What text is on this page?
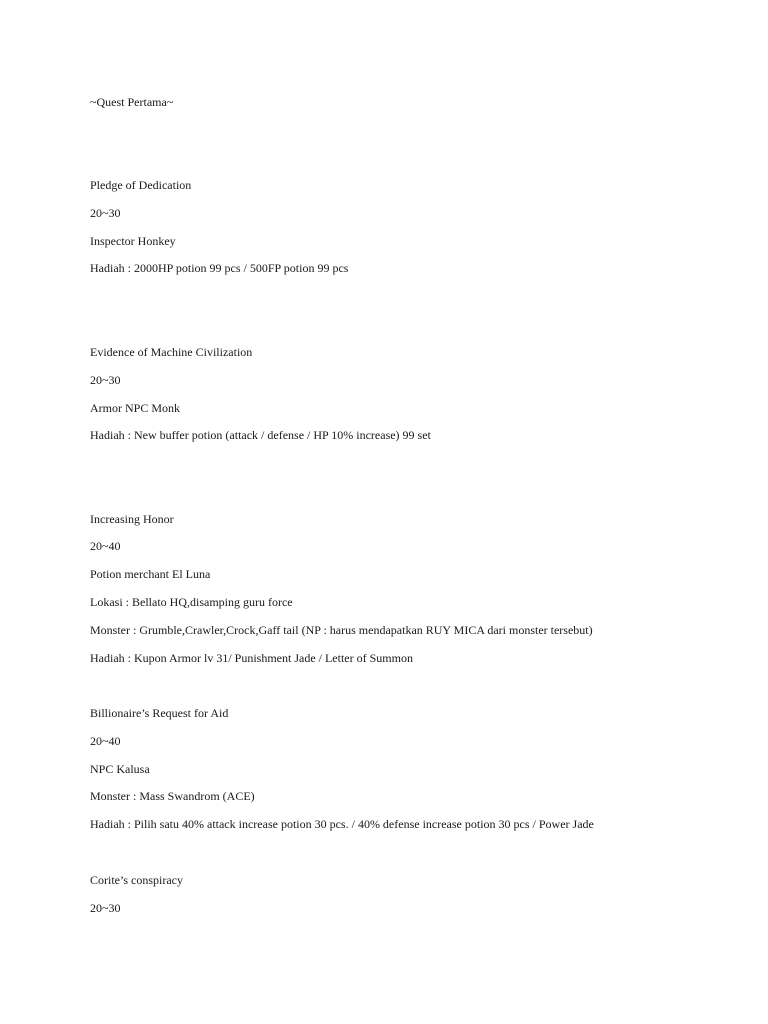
~Quest Pertama~
Pledge of Dedication
20~30
Inspector Honkey
Hadiah : 2000HP potion 99 pcs / 500FP potion 99 pcs
Evidence of Machine Civilization
20~30
Armor NPC Monk
Hadiah : New buffer potion (attack / defense / HP 10% increase) 99 set
Increasing Honor
20~40
Potion merchant El Luna
Lokasi : Bellato HQ,disamping guru force
Monster : Grumble,Crawler,Crock,Gaff tail (NP : harus mendapatkan RUY MICA dari monster tersebut)
Hadiah : Kupon Armor lv 31/ Punishment Jade / Letter of Summon
Billionaire’s Request for Aid
20~40
NPC Kalusa
Monster : Mass Swandrom (ACE)
Hadiah : Pilih satu 40% attack increase potion 30 pcs. / 40% defense increase potion 30 pcs / Power Jade
Corite’s conspiracy
20~30
